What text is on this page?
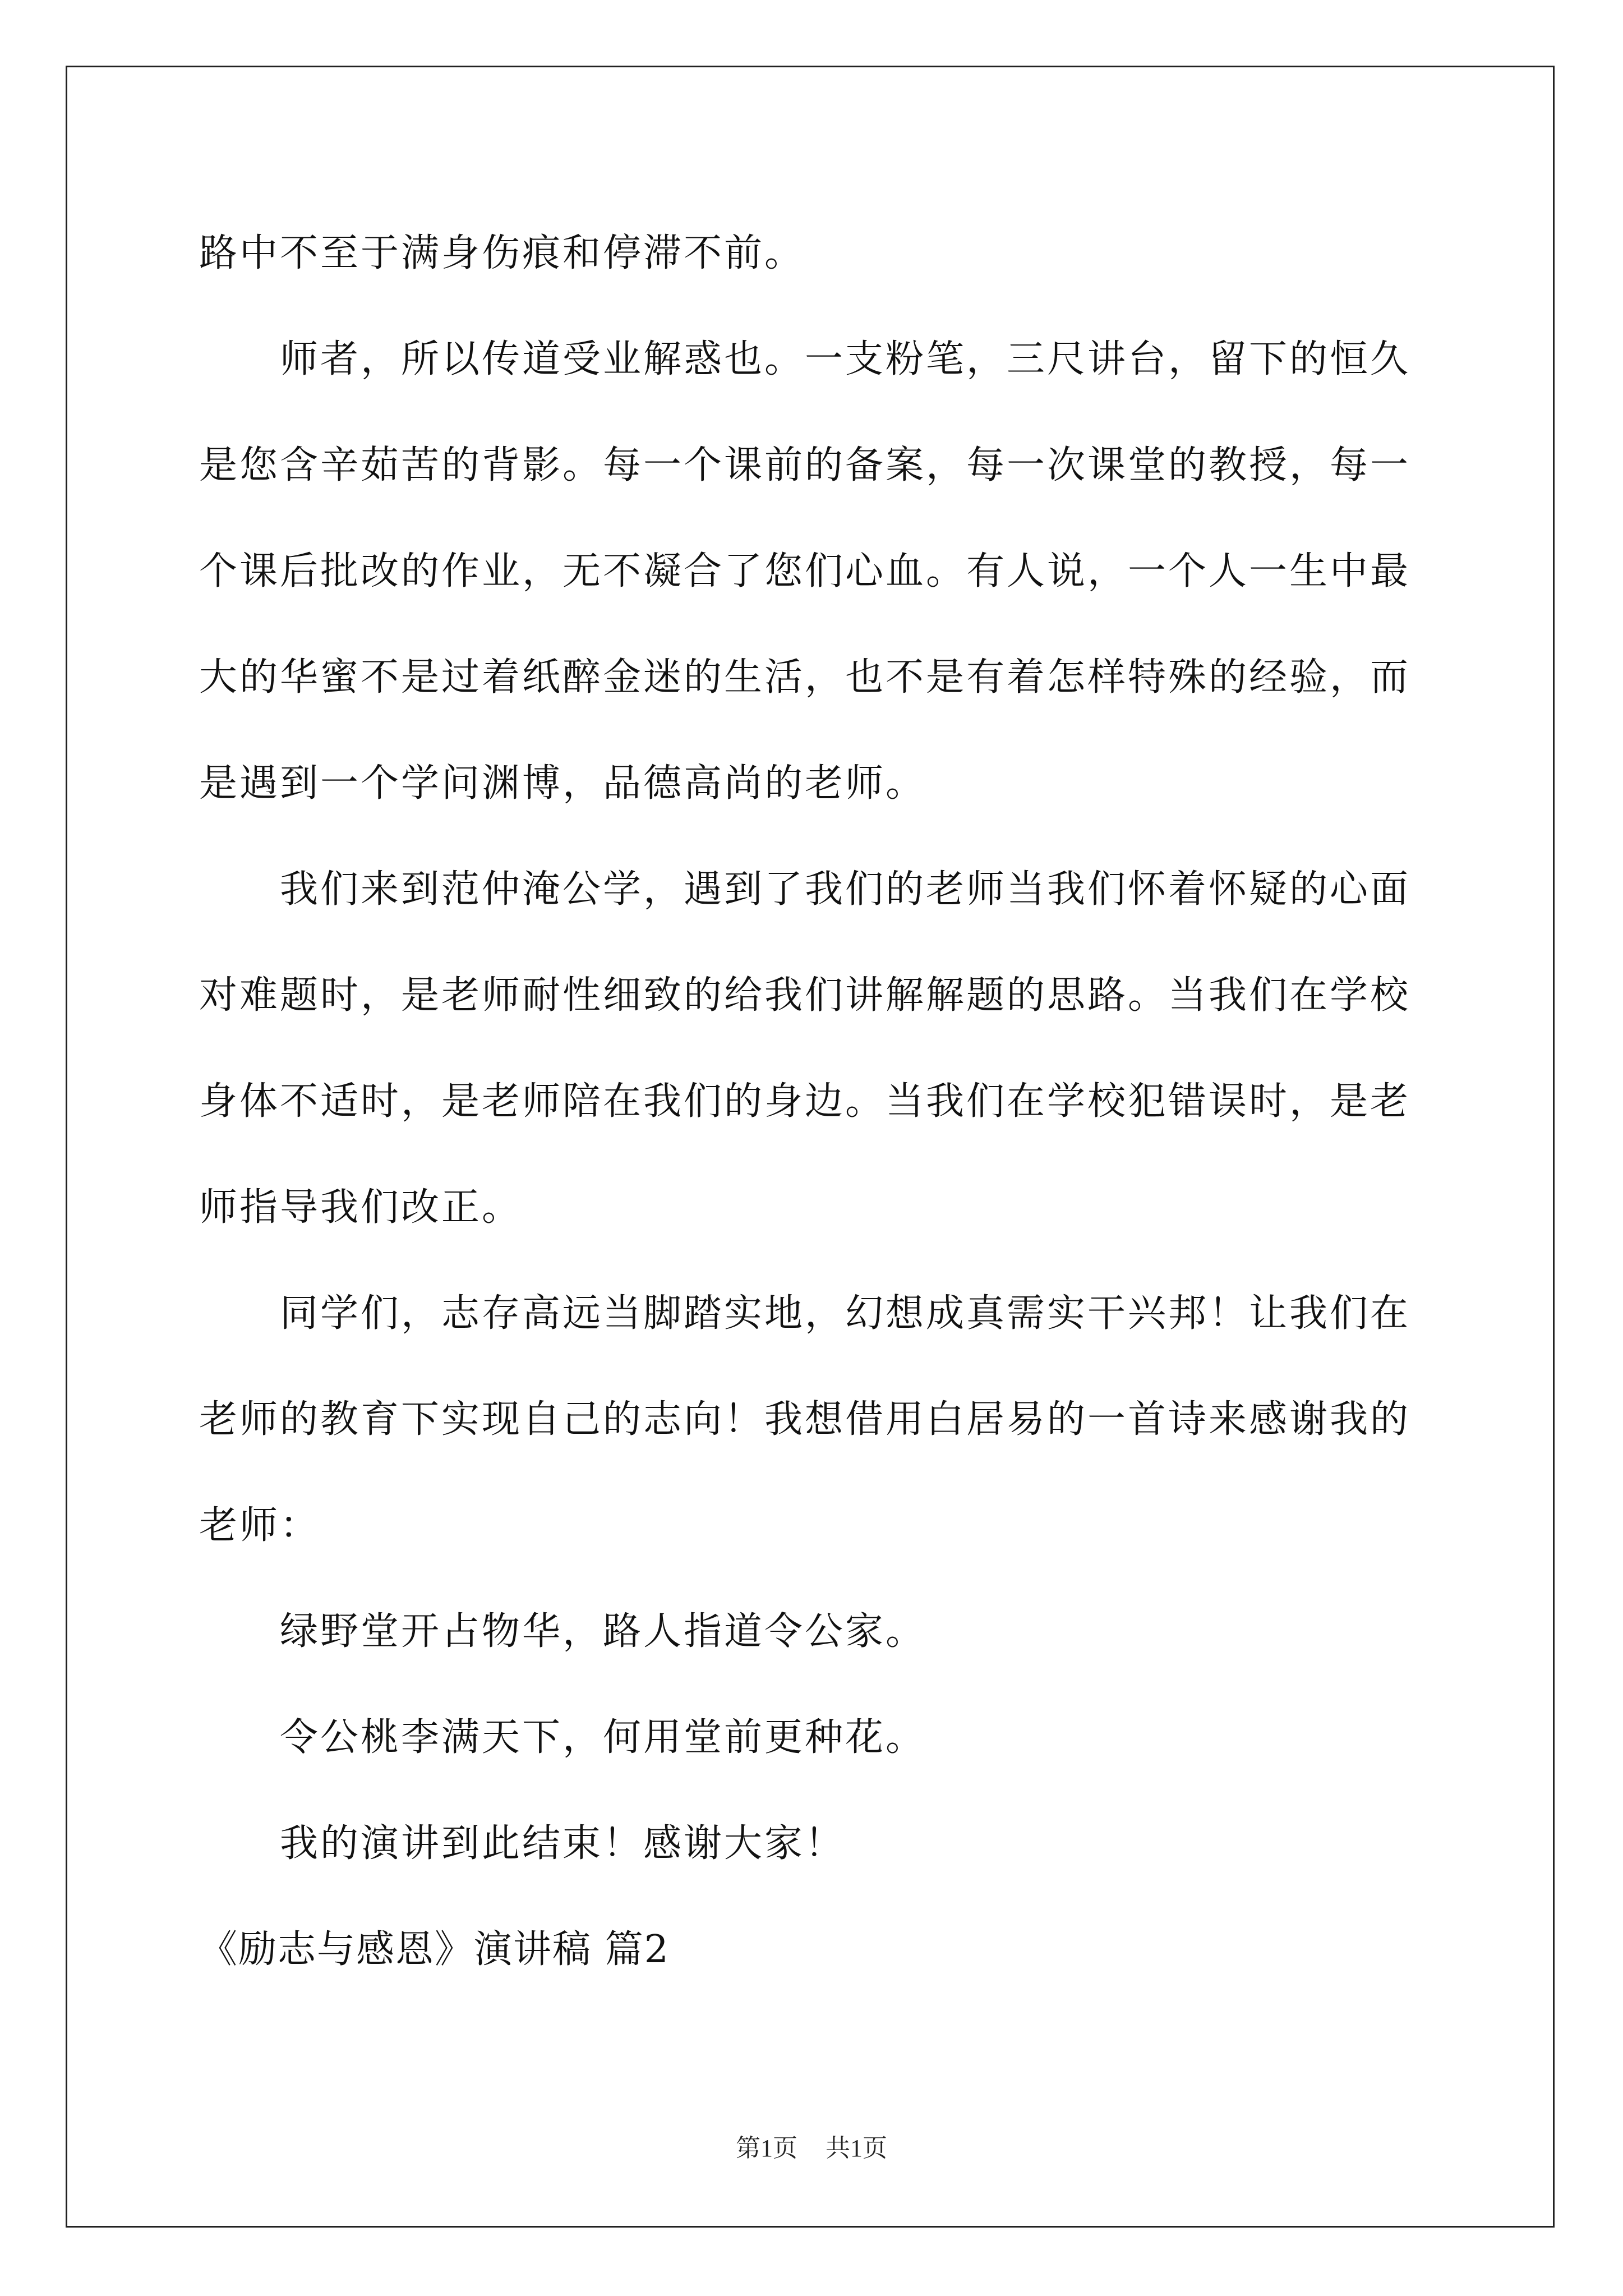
路中不至于满身伤痕和停滞不前。
　　师者，所以传道受业解惑也。一支粉笔，三尺讲台，留下的恒久
是您含辛茹苦的背影。每一个课前的备案，每一次课堂的教授，每一
个课后批改的作业，无不凝合了您们心血。有人说，一个人一生中最
大的华蜜不是过着纸醉金迷的生活，也不是有着怎样特殊的经验，而
是遇到一个学问渊博，品德高尚的老师。
　　我们来到范仲淹公学，遇到了我们的老师当我们怀着怀疑的心面
对难题时，是老师耐性细致的给我们讲解解题的思路。当我们在学校
身体不适时，是老师陪在我们的身边。当我们在学校犯错误时，是老
师指导我们改正。
　　同学们，志存高远当脚踏实地，幻想成真需实干兴邦！让我们在
老师的教育下实现自己的志向！我想借用白居易的一首诗来感谢我的
老师：
　　绿野堂开占物华，路人指道令公家。
　　令公桃李满天下，何用堂前更种花。
　　我的演讲到此结束！感谢大家！
《励志与感恩》演讲稿 篇2
第1页 共1页
